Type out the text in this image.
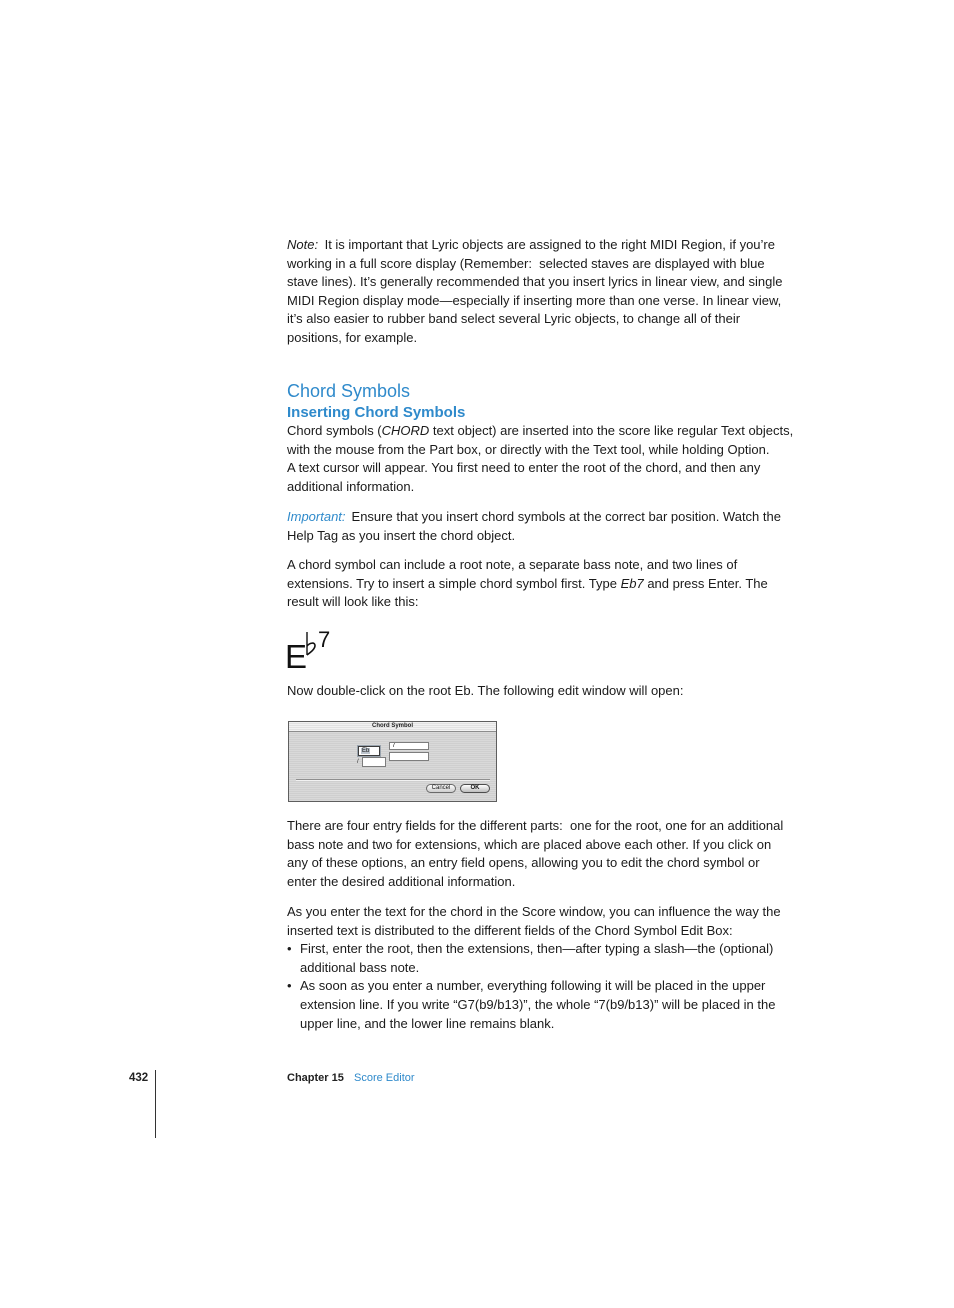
Note: It is important that Lyric objects are assigned to the right MIDI Region, if you’re
working in a full score display (Remember:  selected staves are displayed with blue
stave lines). It’s generally recommended that you insert lyrics in linear view, and single
MIDI Region display mode—especially if inserting more than one verse. In linear view,
it’s also easier to rubber band select several Lyric objects, to change all of their
positions, for example.
Chord Symbols
Inserting Chord Symbols
Chord symbols (CHORD text object) are inserted into the score like regular Text objects,
with the mouse from the Part box, or directly with the Text tool, while holding Option.
A text cursor will appear. You first need to enter the root of the chord, and then any
additional information.
Important: Ensure that you insert chord symbols at the correct bar position. Watch the
Help Tag as you insert the chord object.
A chord symbol can include a root note, a separate bass note, and two lines of
extensions. Try to insert a simple chord symbol first. Type Eb7 and press Enter. The
result will look like this:
E 7
Now double-click on the root Eb. The following edit window will open:
Chord Symbol
Eb
7
/
Cancel	OK
There are four entry fields for the different parts:  one for the root, one for an additional
bass note and two for extensions, which are placed above each other. If you click on
any of these options, an entry field opens, allowing you to edit the chord symbol or
enter the desired additional information.
As you enter the text for the chord in the Score window, you can influence the way the
inserted text is distributed to the different fields of the Chord Symbol Edit Box:
• First, enter the root, then the extensions, then—after typing a slash—the (optional)
additional bass note.
• As soon as you enter a number, everything following it will be placed in the upper
extension line. If you write “G7(b9/b13)”, the whole “7(b9/b13)” will be placed in the
upper line, and the lower line remains blank.
432	Chapter 15 Score Editor
